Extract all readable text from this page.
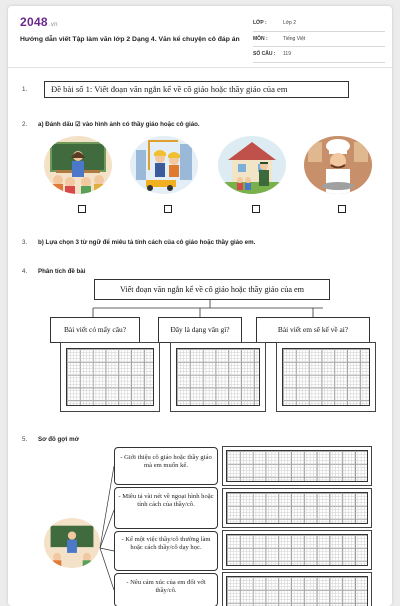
2048.vn
Hướng dẫn viết Tập làm văn lớp 2 Dạng 4. Văn kể chuyện cô đáp án
LỚP :	Lớp 2
MÔN :	Tiếng Việt
SỐ CÂU :	119
1.	Đề bài số 1: Viết đoạn văn ngắn kể về cô giáo hoặc thầy giáo của em
2. a) Đánh dấu ☑ vào hình ảnh có thầy giáo hoặc cô giáo.
3. b) Lựa chọn 3 từ ngữ để miêu tả tính cách của cô giáo hoặc thầy giáo em.
4. Phân tích đề bài
Viết đoạn văn ngắn kể về cô giáo hoặc thầy giáo của em
Bài viết có mấy câu?	Đây là dạng văn gì?	Bài viết em sẽ kể về ai?
5. Sơ đồ gợi mở
- Giới thiệu cô giáo hoặc thầy giáo mà em muốn kể.
- Miêu tả vài nét về ngoại hình hoặc tính cách của thầy/cô.
- Kể một việc thầy/cô thường làm hoặc cách thầy/cô dạy học.
- Nêu cảm xúc của em đối với thầy/cô.
